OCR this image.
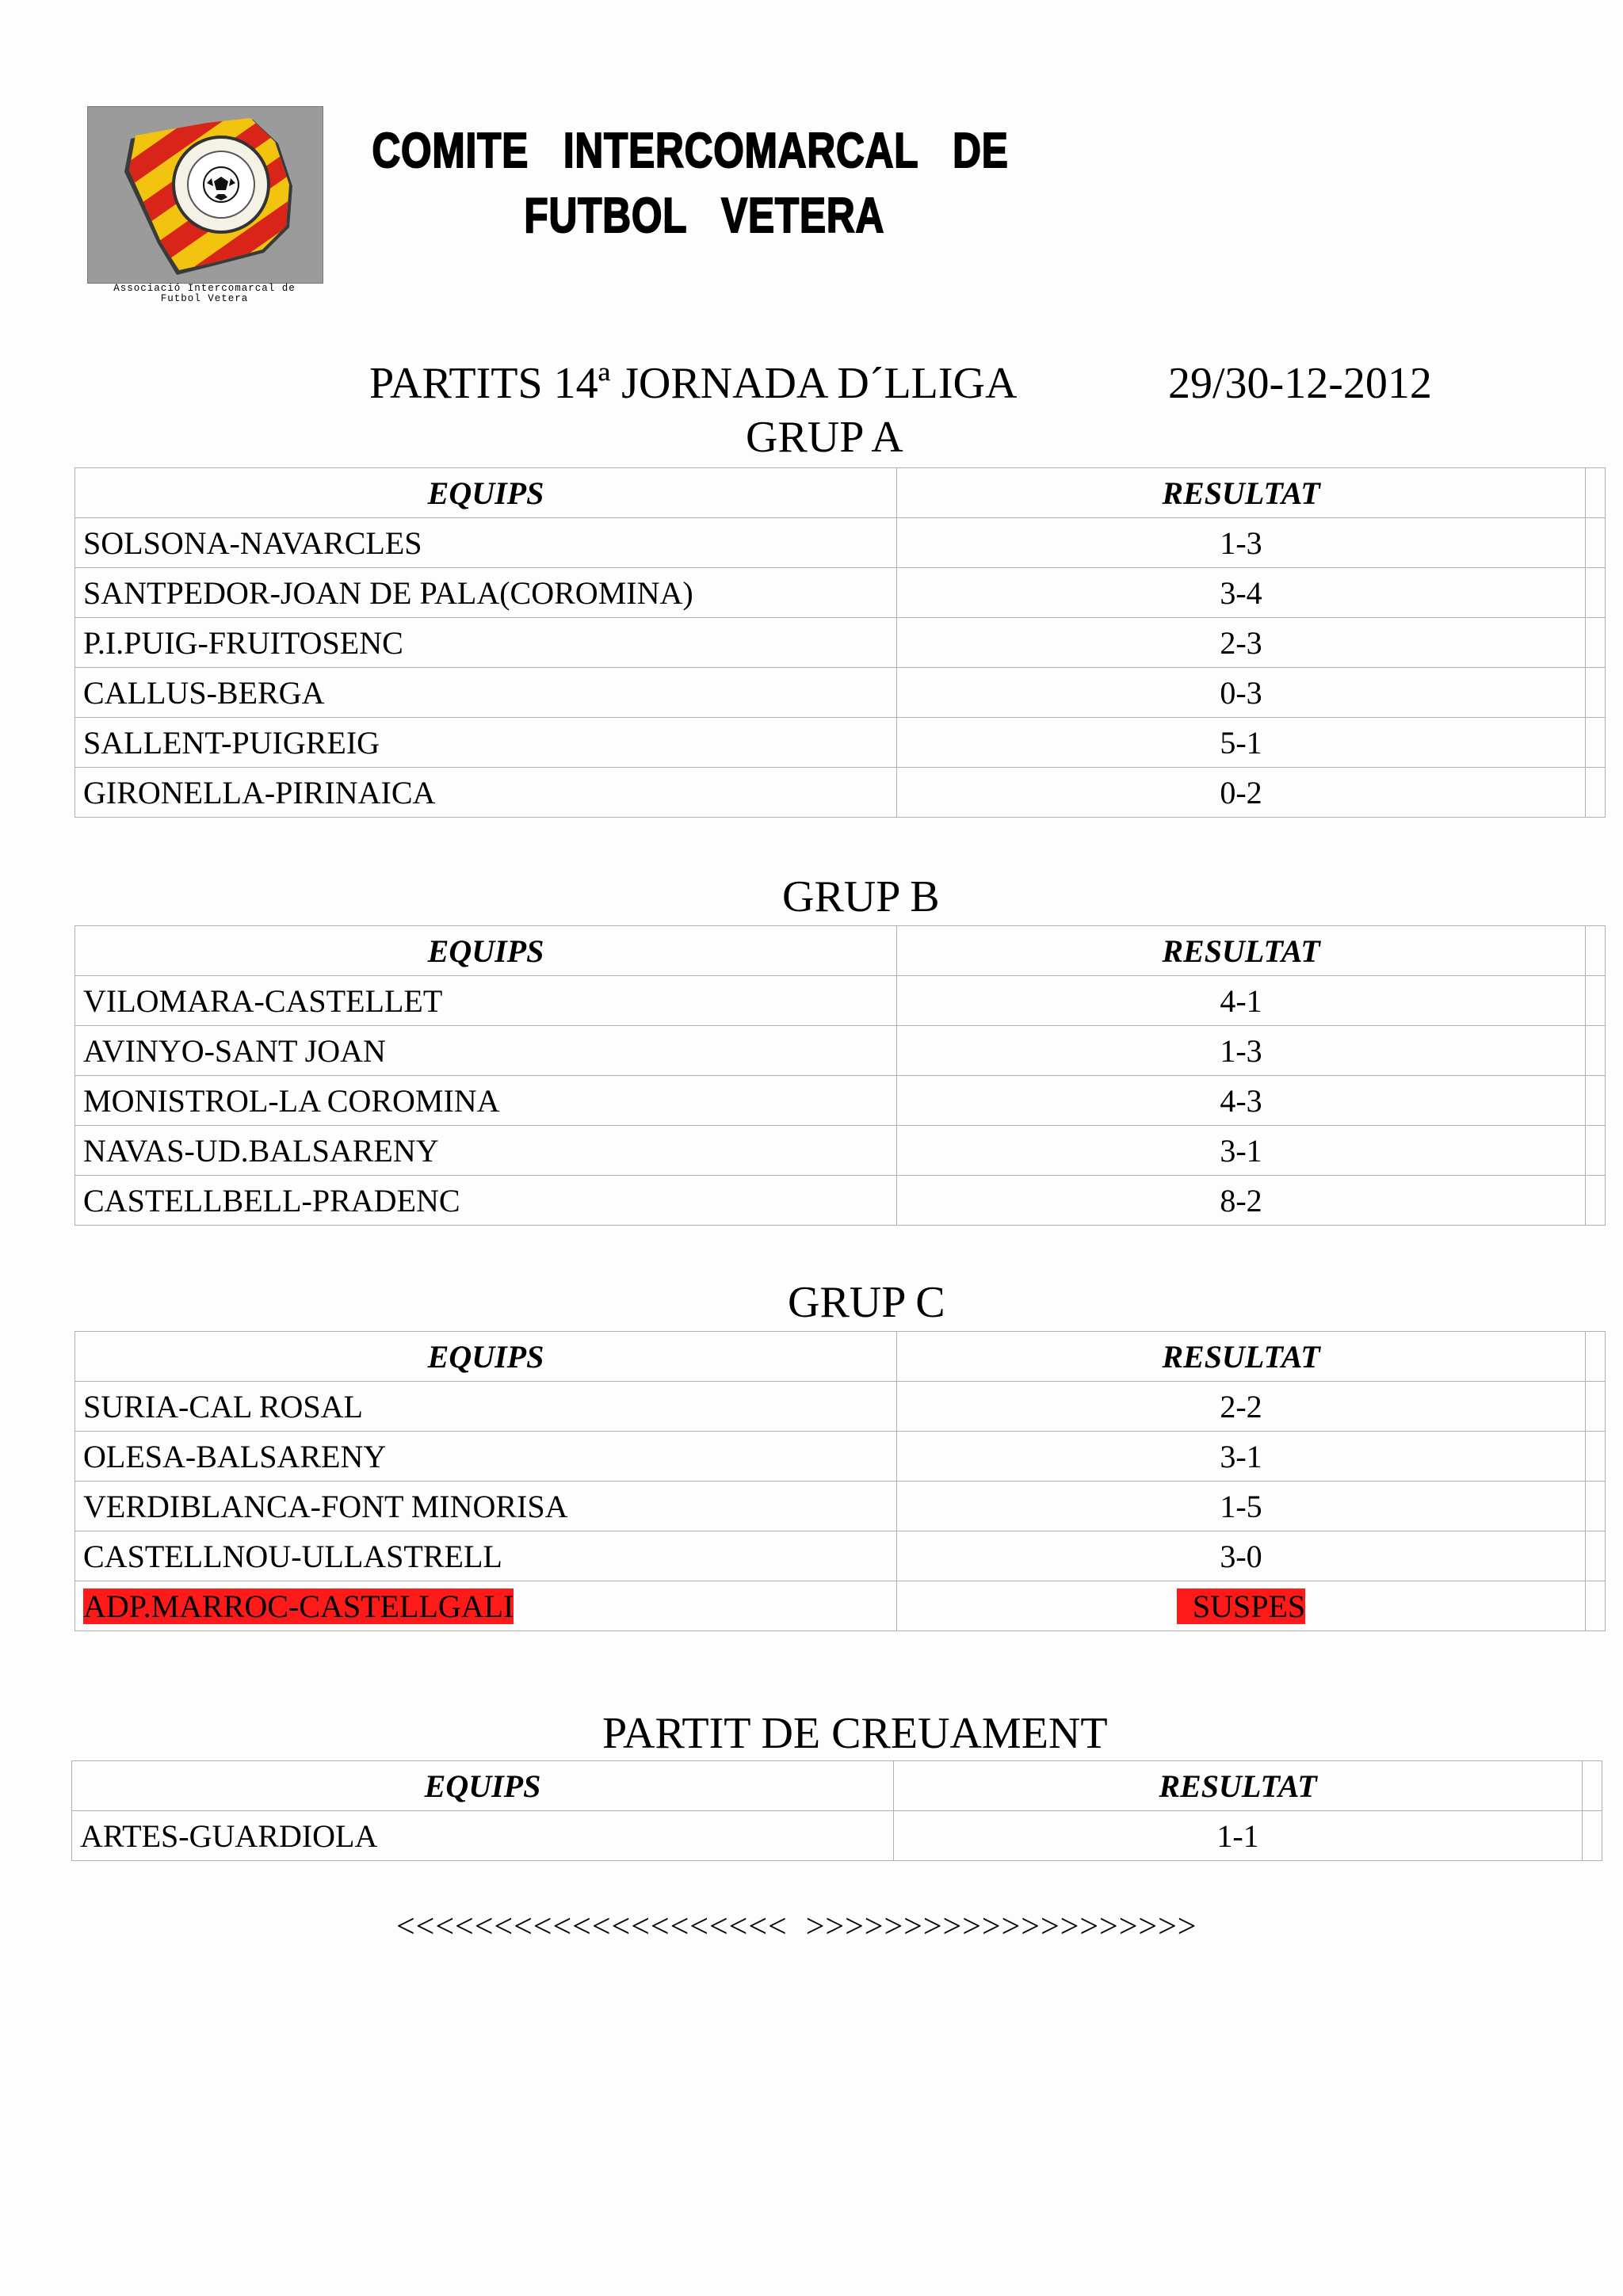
Associació Intercomarcal de
Futbol Vetera
COMITE   INTERCOMARCAL   DE
FUTBOL   VETERA
PARTITS 14ª JORNADA D´LLIGA	29/30-12-2012
GRUP A
EQUIPS	RESULTAT	
SOLSONA-NAVARCLES	1-3	
SANTPEDOR-JOAN DE PALA(COROMINA)	3-4	
P.I.PUIG-FRUITOSENC	2-3	
CALLUS-BERGA	0-3	
SALLENT-PUIGREIG	5-1	
GIRONELLA-PIRINAICA	0-2	
GRUP B
EQUIPS	RESULTAT	
VILOMARA-CASTELLET	4-1	
AVINYO-SANT JOAN	1-3	
MONISTROL-LA COROMINA	4-3	
NAVAS-UD.BALSARENY	3-1	
CASTELLBELL-PRADENC	8-2	
GRUP C
EQUIPS	RESULTAT	
SURIA-CAL ROSAL	2-2	
OLESA-BALSARENY	3-1	
VERDIBLANCA-FONT MINORISA	1-5	
CASTELLNOU-ULLASTRELL	3-0	
ADP.MARROC-CASTELLGALI	SUSPES	
PARTIT DE CREUAMENT
EQUIPS	RESULTAT	
ARTES-GUARDIOLA	1-1	
<<<<<<<<<<<<<<<<<<<<  >>>>>>>>>>>>>>>>>>>>
